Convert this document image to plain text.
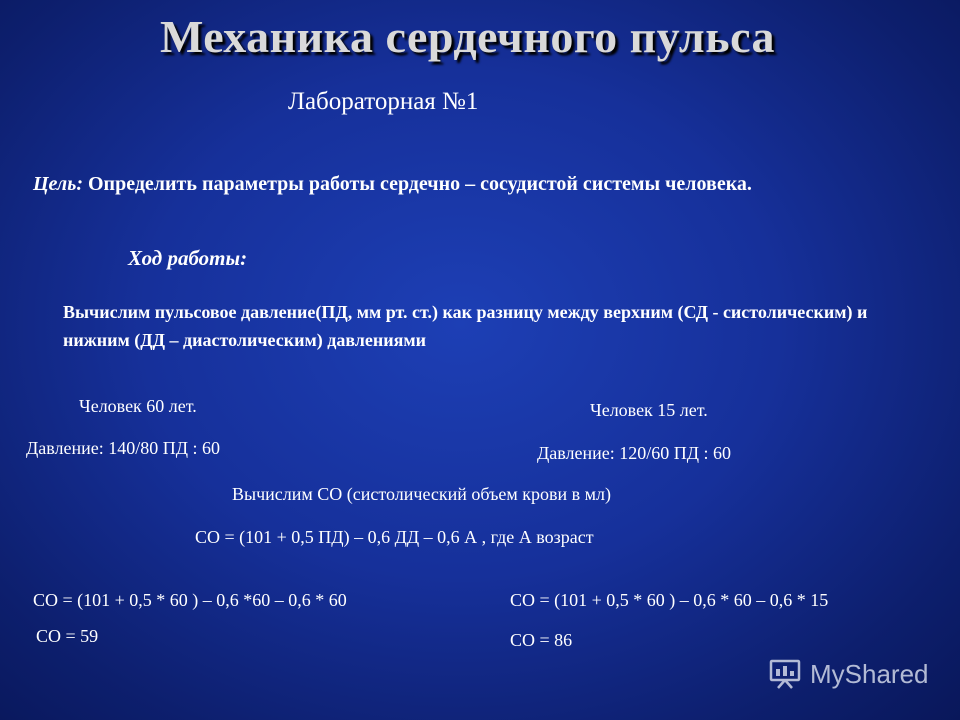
Механика сердечного пульса
Лабораторная №1
Цель: Определить параметры работы сердечно – сосудистой системы человека.
Ход работы:
Вычислим пульсовое давление(ПД, мм рт. ст.) как разницу между верхним (СД - систолическим) и нижним (ДД – диастолическим) давлениями
Человек 60 лет.
Давление: 140/80 ПД : 60
Человек 15 лет.
Давление: 120/60 ПД : 60
Вычислим СО (систолический объем крови в мл)
СО = (101 + 0,5 ПД) – 0,6 ДД – 0,6 А , где А возраст
СО = (101 + 0,5 * 60 ) – 0,6 *60 – 0,6 * 60
СО = 59
СО = (101 + 0,5 * 60 ) – 0,6 * 60 – 0,6 * 15
СО = 86
MyShared
